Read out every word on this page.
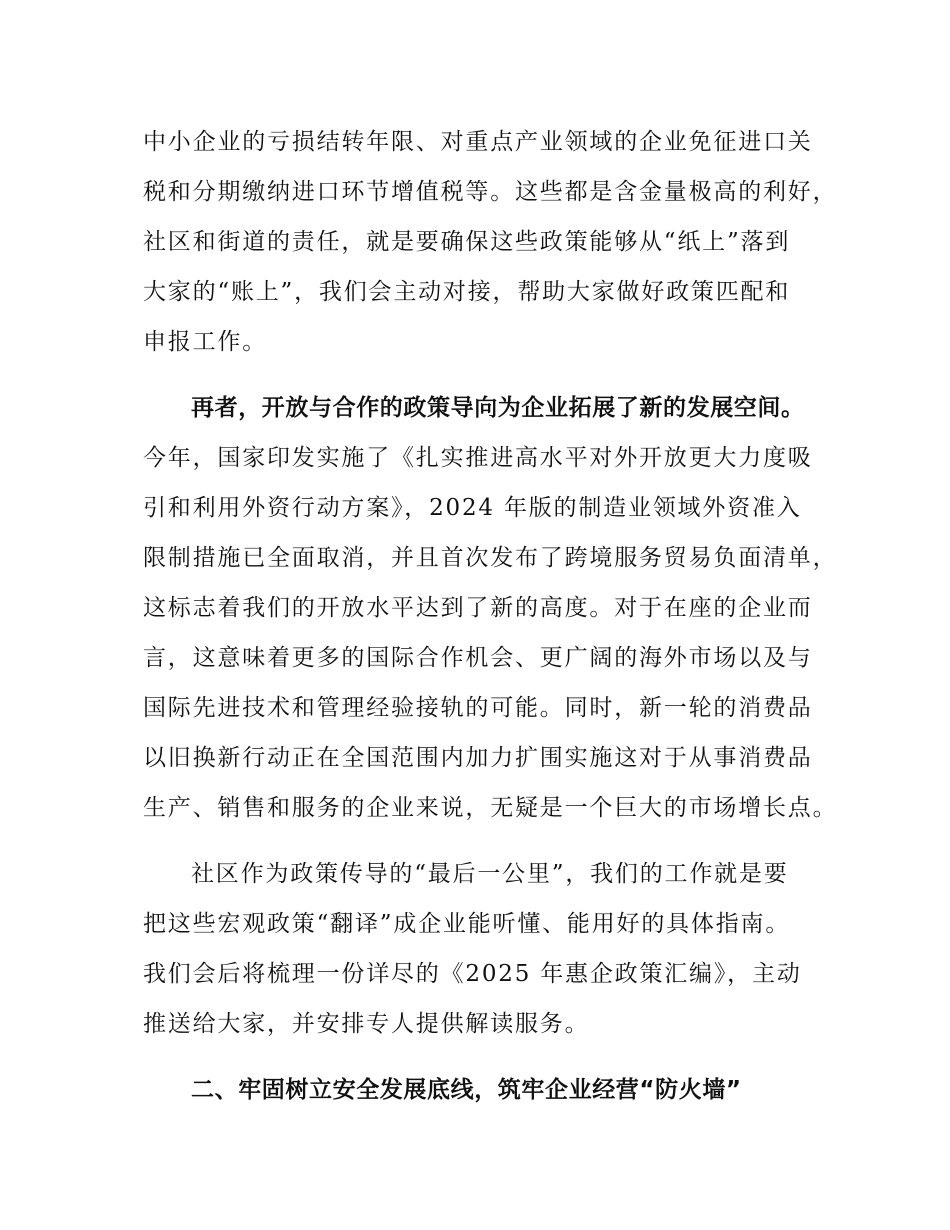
中小企业的亏损结转年限、对重点产业领域的企业免征进口关
税和分期缴纳进口环节增值税等。这些都是含金量极高的利好，
社区和街道的责任，就是要确保这些政策能够从“纸上”落到
大家的“账上”，我们会主动对接，帮助大家做好政策匹配和
申报工作。
再者，开放与合作的政策导向为企业拓展了新的发展空间。
今年，国家印发实施了《扎实推进高水平对外开放更大力度吸
引和利用外资行动方案》，2024 年版的制造业领域外资准入
限制措施已全面取消，并且首次发布了跨境服务贸易负面清单，
这标志着我们的开放水平达到了新的高度。对于在座的企业而
言，这意味着更多的国际合作机会、更广阔的海外市场以及与
国际先进技术和管理经验接轨的可能。同时，新一轮的消费品
以旧换新行动正在全国范围内加力扩围实施这对于从事消费品
生产、销售和服务的企业来说，无疑是一个巨大的市场增长点。
社区作为政策传导的“最后一公里”，我们的工作就是要
把这些宏观政策“翻译”成企业能听懂、能用好的具体指南。
我们会后将梳理一份详尽的《2025 年惠企政策汇编》，主动
推送给大家，并安排专人提供解读服务。
二、牢固树立安全发展底线，筑牢企业经营“防火墙”
